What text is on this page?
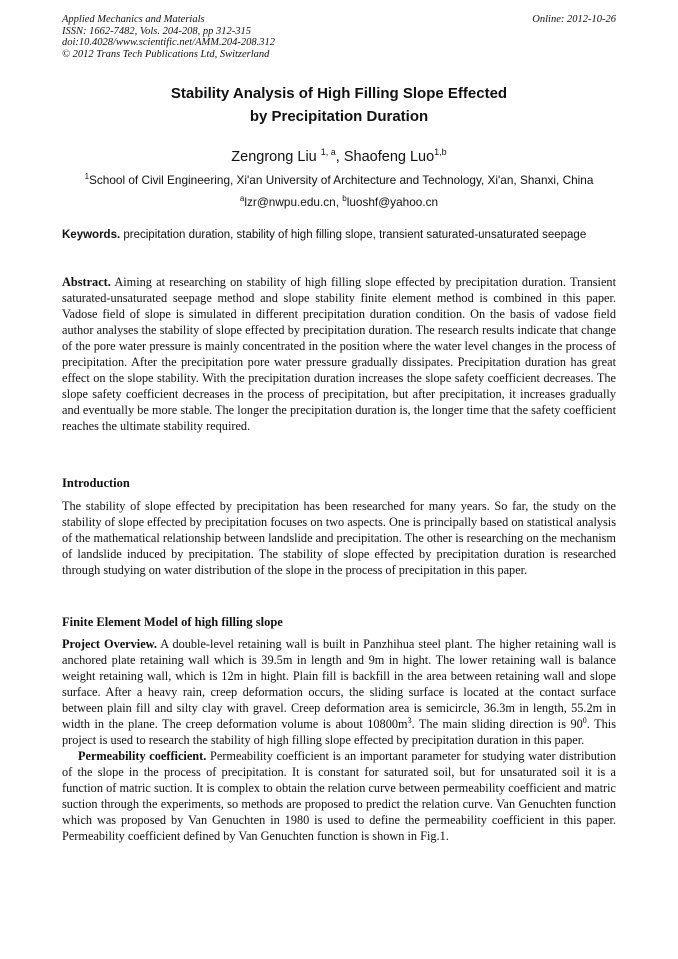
Applied Mechanics and Materials
ISSN: 1662-7482, Vols. 204-208, pp 312-315
doi:10.4028/www.scientific.net/AMM.204-208.312
© 2012 Trans Tech Publications Ltd, Switzerland
Online: 2012-10-26
Stability Analysis of High Filling Slope Effected
by Precipitation Duration
Zengrong Liu $^{1, a}$, Shaofeng Luo$^{1,b}$
$^1$School of Civil Engineering, Xi'an University of Architecture and Technology, Xi'an, Shanxi, China
$^a$lzr@nwpu.edu.cn, $^b$luoshf@yahoo.cn
Keywords. precipitation duration, stability of high filling slope, transient saturated-unsaturated seepage

Abstract. Aiming at researching on stability of high filling slope effected by precipitation duration. Transient saturated-unsaturated seepage method and slope stability finite element method is combined in this paper. Vadose field of slope is simulated in different precipitation duration condition. On the basis of vadose field author analyses the stability of slope effected by precipitation duration. The research results indicate that change of the pore water pressure is mainly concentrated in the position where the water level changes in the process of precipitation. After the precipitation pore water pressure gradually dissipates. Precipitation duration has great effect on the slope stability. With the precipitation duration increases the slope safety coefficient decreases. The slope safety coefficient decreases in the process of precipitation, but after precipitation, it increases gradually and eventually be more stable. The longer the precipitation duration is, the longer time that the safety coefficient reaches the ultimate stability required.

Introduction

The stability of slope effected by precipitation has been researched for many years. So far, the study on the stability of slope effected by precipitation focuses on two aspects. One is principally based on statistical analysis of the mathematical relationship between landslide and precipitation. The other is researching on the mechanism of landslide induced by precipitation. The stability of slope effected by precipitation duration is researched through studying on water distribution of the slope in the process of precipitation in this paper.

Finite Element Model of high filling slope

Project Overview. A double-level retaining wall is built in Panzhihua steel plant. The higher retaining wall is anchored plate retaining wall which is 39.5m in length and 9m in hight. The lower retaining wall is balance weight retaining wall, which is 12m in hight. Plain fill is backfill in the area between retaining wall and slope surface. After a heavy rain, creep deformation occurs, the sliding surface is located at the contact surface between plain fill and silty clay with gravel. Creep deformation area is semicircle, 36.3m in length, 55.2m in width in the plane. The creep deformation volume is about $10800m^3$. The main sliding direction is $90^0$. This project is used to research the stability of high filling slope effected by precipitation duration in this paper.

Permeability coefficient. Permeability coefficient is an important parameter for studying water distribution of the slope in the process of precipitation. It is constant for saturated soil, but for unsaturated soil it is a function of matric suction. It is complex to obtain the relation curve between permeability coefficient and matric suction through the experiments, so methods are proposed to predict the relation curve. Van Genuchten function which was proposed by Van Genuchten in 1980 is used to define the permeability coefficient in this paper. Permeability coefficient defined by Van Genuchten function is shown in Fig.1.
